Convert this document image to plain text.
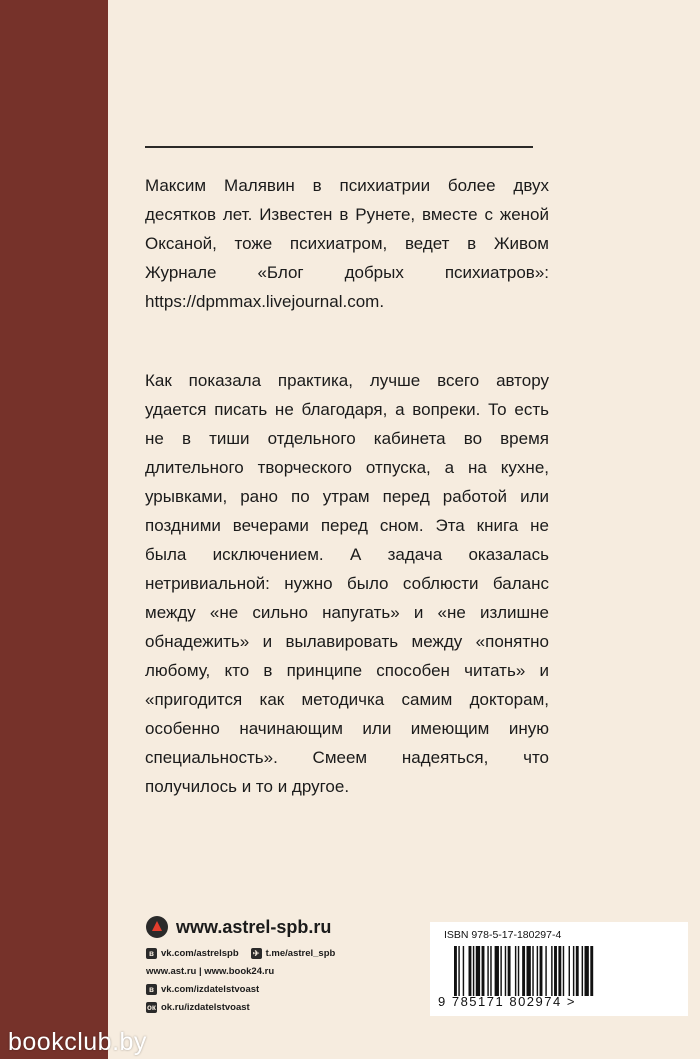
Максим Малявин в психиатрии более двух десятков лет. Известен в Рунете, вместе с женой Оксаной, тоже психиатром, ведет в Живом Журнале «Блог добрых психиатров»: https://dpmmax.livejournal.com.

Как показала практика, лучше всего автору удается писать не благодаря, а вопреки. То есть не в тиши отдельного кабинета во время длительного творческого отпуска, а на кухне, урывками, рано по утрам перед работой или поздними вечерами перед сном. Эта книга не была исключением. А задача оказалась нетривиальной: нужно было соблюсти баланс между «не сильно напугать» и «не излишне обнадежить» и вылавировать между «понятно любому, кто в принципе способен читать» и «пригодится как методичка самим докторам, особенно начинающим или имеющим иную специальность». Смеем надеяться, что получилось и то и другое.

www.astrel-spb.ru
в vk.com/astrelspb ✈ t.me/astrel_spb
www.ast.ru | www.book24.ru
в vk.com/izdatelstvoast
ок ok.ru/izdatelstvoast
ISBN 978-5-17-180297-4
9 785171 802974 >
bookclub.by
